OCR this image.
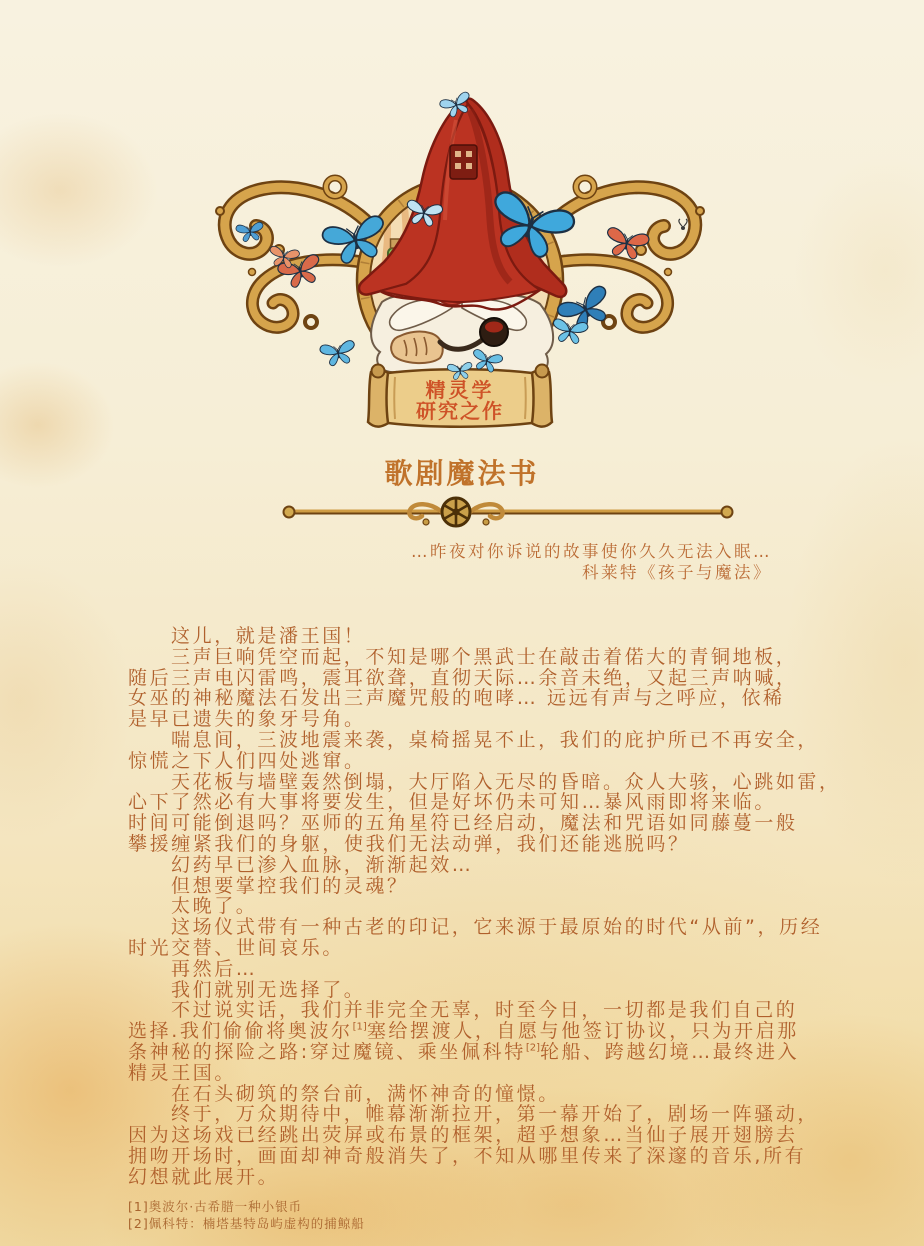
精灵学
研究之作
歌剧魔法书
…昨夜对你诉说的故事使你久久无法入眠…
科莱特《孩子与魔法》
这儿，就是潘王国！
三声巨响凭空而起，不知是哪个黑武士在敲击着偌大的青铜地板，
随后三声电闪雷鸣，震耳欲聋，直彻天际…余音未绝，又起三声呐喊，
女巫的神秘魔法石发出三声魔咒般的咆哮… 远远有声与之呼应，依稀
是早已遗失的象牙号角。
喘息间，三波地震来袭，桌椅摇晃不止，我们的庇护所已不再安全，
惊慌之下人们四处逃窜。
天花板与墙壁轰然倒塌，大厅陷入无尽的昏暗。众人大骇，心跳如雷，
心下了然必有大事将要发生，但是好坏仍未可知…暴风雨即将来临。
时间可能倒退吗？巫师的五角星符已经启动，魔法和咒语如同藤蔓一般
攀援缠紧我们的身躯，使我们无法动弹，我们还能逃脱吗？
幻药早已渗入血脉，渐渐起效…
但想要掌控我们的灵魂？
太晚了。
这场仪式带有一种古老的印记，它来源于最原始的时代“从前”，历经
时光交替、世间哀乐。
再然后…
我们就别无选择了。
不过说实话，我们并非完全无辜，时至今日，一切都是我们自己的
选择.我们偷偷将奥波尔[1]塞给摆渡人，自愿与他签订协议，只为开启那
条神秘的探险之路:穿过魔镜、乘坐佩科特[2]轮船、跨越幻境…最终进入
精灵王国。
在石头砌筑的祭台前，满怀神奇的憧憬。
终于，万众期待中，帷幕渐渐拉开，第一幕开始了，剧场一阵骚动，
因为这场戏已经跳出荧屏或布景的框架，超乎想象…当仙子展开翅膀去
拥吻开场时，画面却神奇般消失了，不知从哪里传来了深邃的音乐,所有
幻想就此展开。
[1]奥波尔·古希腊一种小银币
[2]佩科特：楠塔基特岛屿虚构的捕鲸船
